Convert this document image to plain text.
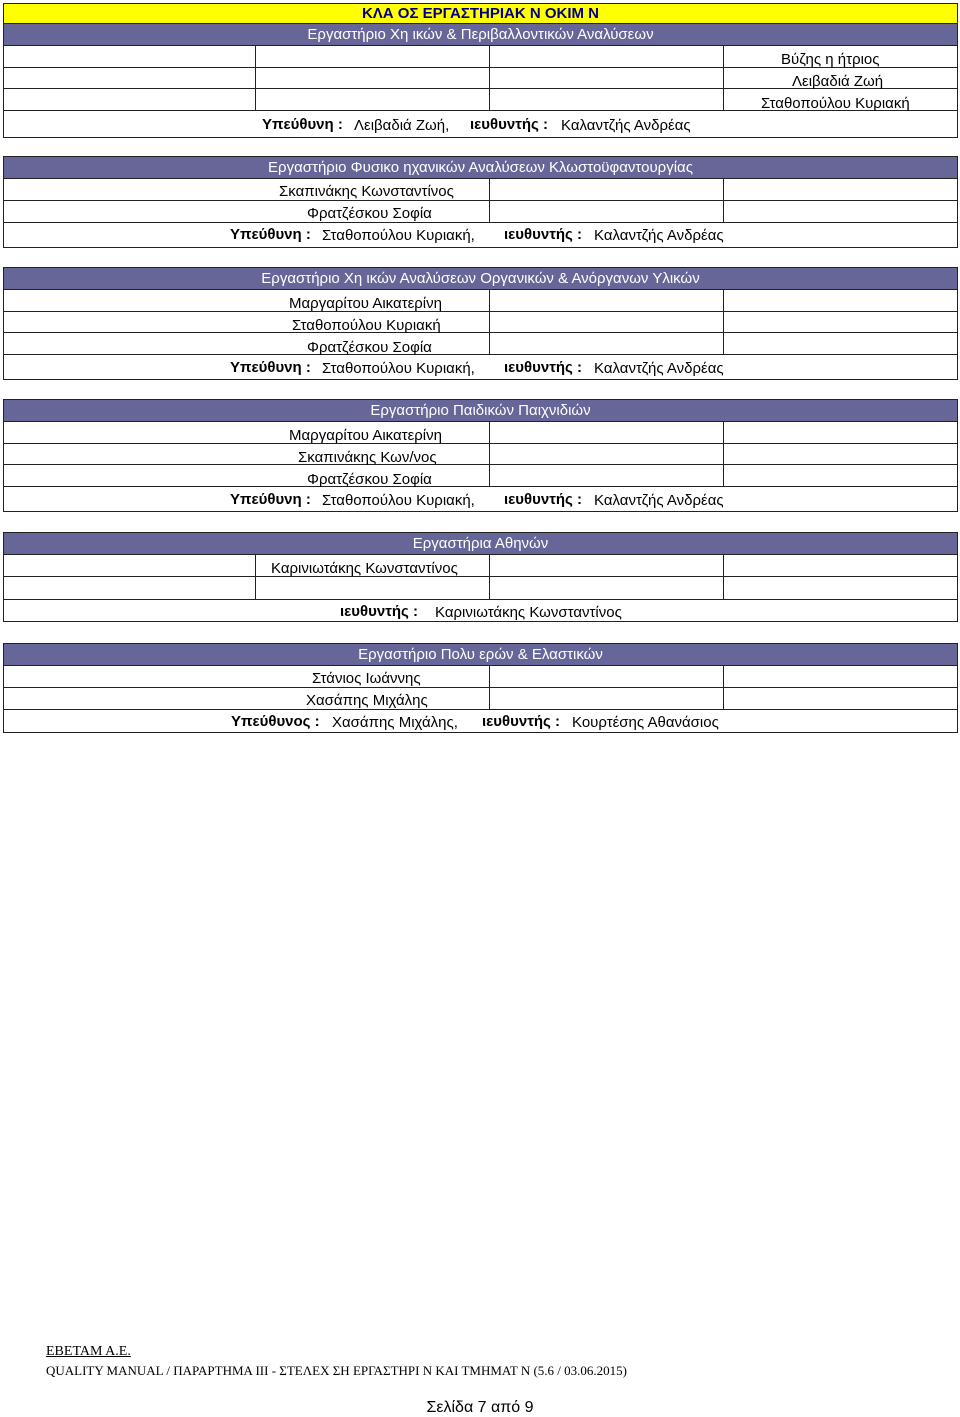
ΚΛΑ ΟΣ ΕΡΓΑΣΤΗΡΙΑΚ Ν ΟΚΙΜ Ν
Εργαστήριο Χη ικών & Περιβαλλοντικών Αναλύσεων
Βύζης η ήτριος
Λειβαδιά Ζωή
Σταθοπούλου Κυριακή
Υπεύθυνη : Λειβαδιά Ζωή, ιευθυντής : Καλαντζής Ανδρέας
Εργαστήριο Φυσικο ηχανικών Αναλύσεων Κλωστοϋφαντουργίας
Σκαπινάκης Κωνσταντίνος
Φρατζέσκου Σοφία
Υπεύθυνη : Σταθοπούλου Κυριακή, ιευθυντής : Καλαντζής Ανδρέας
Εργαστήριο Χη ικών Αναλύσεων Οργανικών & Ανόργανων Υλικών
Μαργαρίτου Αικατερίνη
Σταθοπούλου Κυριακή
Φρατζέσκου Σοφία
Υπεύθυνη : Σταθοπούλου Κυριακή, ιευθυντής : Καλαντζής Ανδρέας
Εργαστήριο Παιδικών Παιχνιδιών
Μαργαρίτου Αικατερίνη
Σκαπινάκης Κων/νος
Φρατζέσκου Σοφία
Υπεύθυνη : Σταθοπούλου Κυριακή, ιευθυντής : Καλαντζής Ανδρέας
Εργαστήρια Αθηνών
Καρινιωτάκης Κωνσταντίνος
ιευθυντής : Καρινιωτάκης Κωνσταντίνος
Εργαστήριο Πολυ ερών & Ελαστικών
Στάνιος Ιωάννης
Χασάπης Μιχάλης
Υπεύθυνος : Χασάπης Μιχάλης, ιευθυντής : Κουρτέσης Αθανάσιος
ΕΒΕΤΑΜ Α.Ε.
QUALITY MANUAL / ΠΑΡΑΡΤΗΜΑ ΙΙΙ - ΣΤΕΛΕΧ ΣΗ ΕΡΓΑΣΤΗΡΙ Ν ΚΑΙ ΤΜΗΜΑΤ Ν (5.6 / 03.06.2015)
Σελίδα 7 από 9
